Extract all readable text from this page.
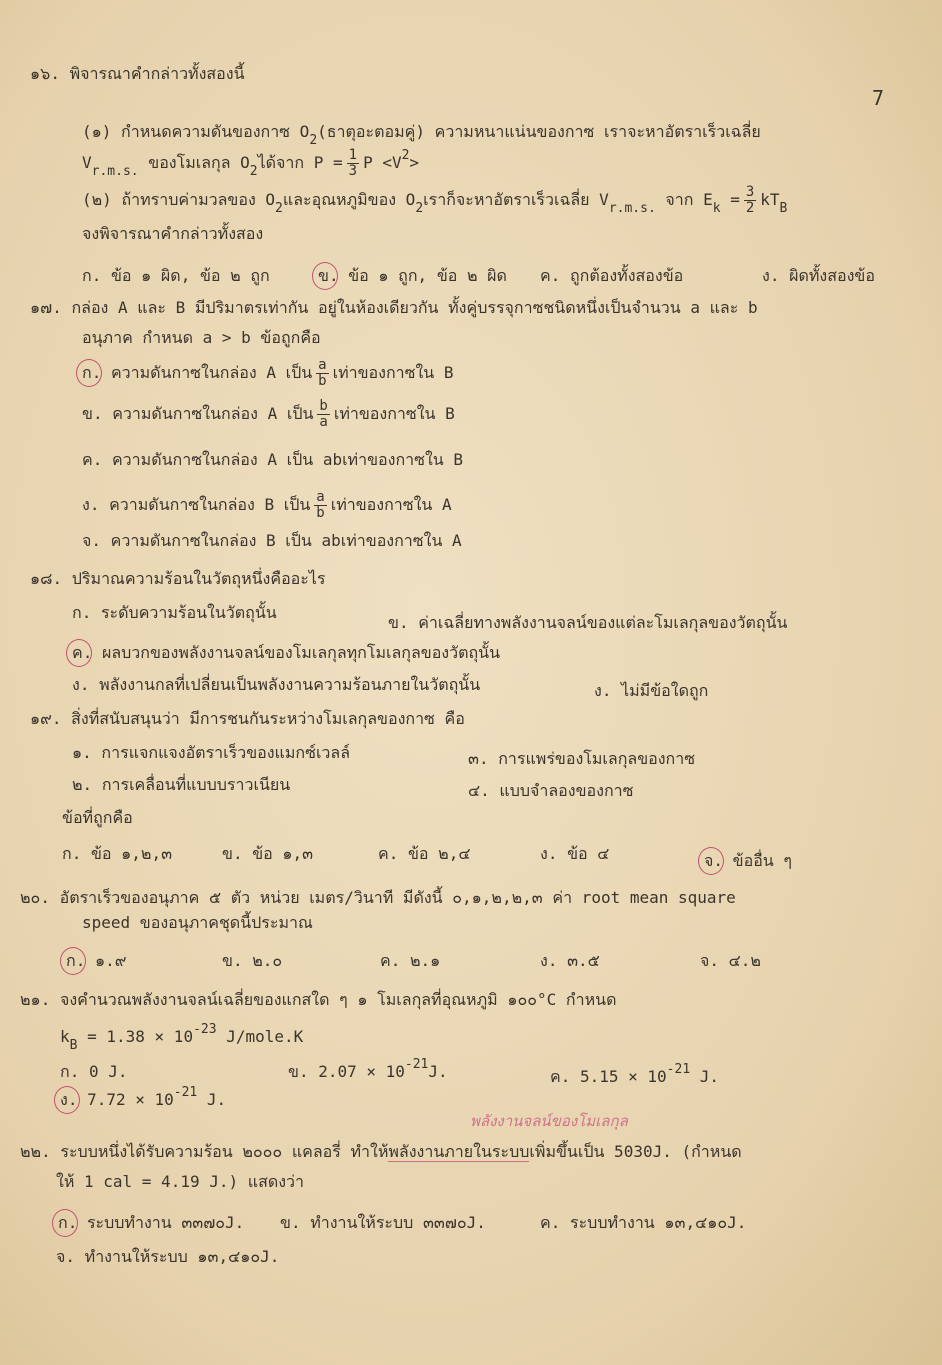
7
๑๖. พิจารณาคำกล่าวทั้งสองนี้
(๑) กำหนดความดันของกาซ $O_2$(ธาตุอะตอมคู่) ความหนาแน่นของกาซ เราจะหาอัตราเร็วเฉลี่ย
$V_{r.m.s.}$ ของโมเลกุล $O_2$ได้จาก $P = \frac{1}{3}$ $P <V^2>$
(๒) ถ้าทราบค่ามวลของ $O_2$และอุณหภูมิของ $O_2$เราก็จะหาอัตราเร็วเฉลี่ย $V_{r.m.s.}$ จาก $E_k = \frac{3}{2} kT_B$
จงพิจารณาคำกล่าวทั้งสอง
ก. ข้อ ๑ ผิด, ข้อ ๒ ถูก	ข. ข้อ ๑ ถูก, ข้อ ๒ ผิด	ค. ถูกต้องทั้งสองข้อ	ง. ผิดทั้งสองข้อ
๑๗. กล่อง A และ B มีปริมาตรเท่ากัน อยู่ในห้องเดียวกัน ทั้งคู่บรรจุกาซชนิดหนึ่งเป็นจำนวน a และ b
อนุภาค กำหนด a > b ข้อถูกคือ
ก. ความดันกาซในกล่อง A เป็น $\frac{a}{b}$ เท่าของกาซใน B
ข. ความดันกาซในกล่อง A เป็น $\frac{b}{a}$ เท่าของกาซใน B
ค. ความดันกาซในกล่อง A เป็น abเท่าของกาซใน B
ง. ความดันกาซในกล่อง B เป็น $\frac{a}{b}$ เท่าของกาซใน A
จ. ความดันกาซในกล่อง B เป็น abเท่าของกาซใน A
๑๘. ปริมาณความร้อนในวัตถุหนึ่งคืออะไร
ก. ระดับความร้อนในวัตถุนั้น
ข. ค่าเฉลี่ยทางพลังงานจลน์ของแต่ละโมเลกุลของวัตถุนั้น
ค. ผลบวกของพลังงานจลน์ของโมเลกุลทุกโมเลกุลของวัตถุนั้น
ง. พลังงานกลที่เปลี่ยนเป็นพลังงานความร้อนภายในวัตถุนั้น	ง. ไม่มีข้อใดถูก
๑๙. สิ่งที่สนับสนุนว่า มีการชนกันระหว่างโมเลกุลของกาซ คือ
๑. การแจกแจงอัตราเร็วของแมกซ์เวลล์	๓. การแพร่ของโมเลกุลของกาซ
๒. การเคลื่อนที่แบบบราวเนียน	๔. แบบจำลองของกาซ
ข้อที่ถูกคือ
ก. ข้อ ๑,๒,๓	ข. ข้อ ๑,๓	ค. ข้อ ๒,๔	ง. ข้อ ๔	จ. ข้ออื่น ๆ
๒๐. อัตราเร็วของอนุภาค ๕ ตัว หน่วย เมตร/วินาที มีดังนี้ ๐,๑,๒,๒,๓ ค่า root mean square
speed ของอนุภาคชุดนี้ประมาณ
ก. ๑.๙	ข. ๒.๐	ค. ๒.๑	ง. ๓.๕	จ. ๔.๒
๒๑. จงคำนวณพลังงานจลน์เฉลี่ยของแกสใด ๆ ๑ โมเลกุลที่อุณหภูมิ ๑๐๐°C กำหนด
$k_B = 1.38 \times 10^{-23}$ J/mole.K
ก. 0 J.	ข. $2.07 \times 10^{-21}J$.	ค. $5.15 \times 10^{-21}$ J.
ง. $7.72 \times 10^{-21}$ J.
พลังงานจลน์ของโมเลกุล
๒๒. ระบบหนึ่งได้รับความร้อน ๒๐๐๐ แคลอรี่ ทำให้พลังงานภายในระบบเพิ่มขึ้นเป็น 5030J. (กำหนด
ให้ 1 cal = 4.19 J.) แสดงว่า
ก. ระบบทำงาน ๓๓๗๐J.	ข. ทำงานให้ระบบ ๓๓๗๐J.	ค. ระบบทำงาน ๑๓,๔๑๐J.
จ. ทำงานให้ระบบ ๑๓,๔๑๐J.
